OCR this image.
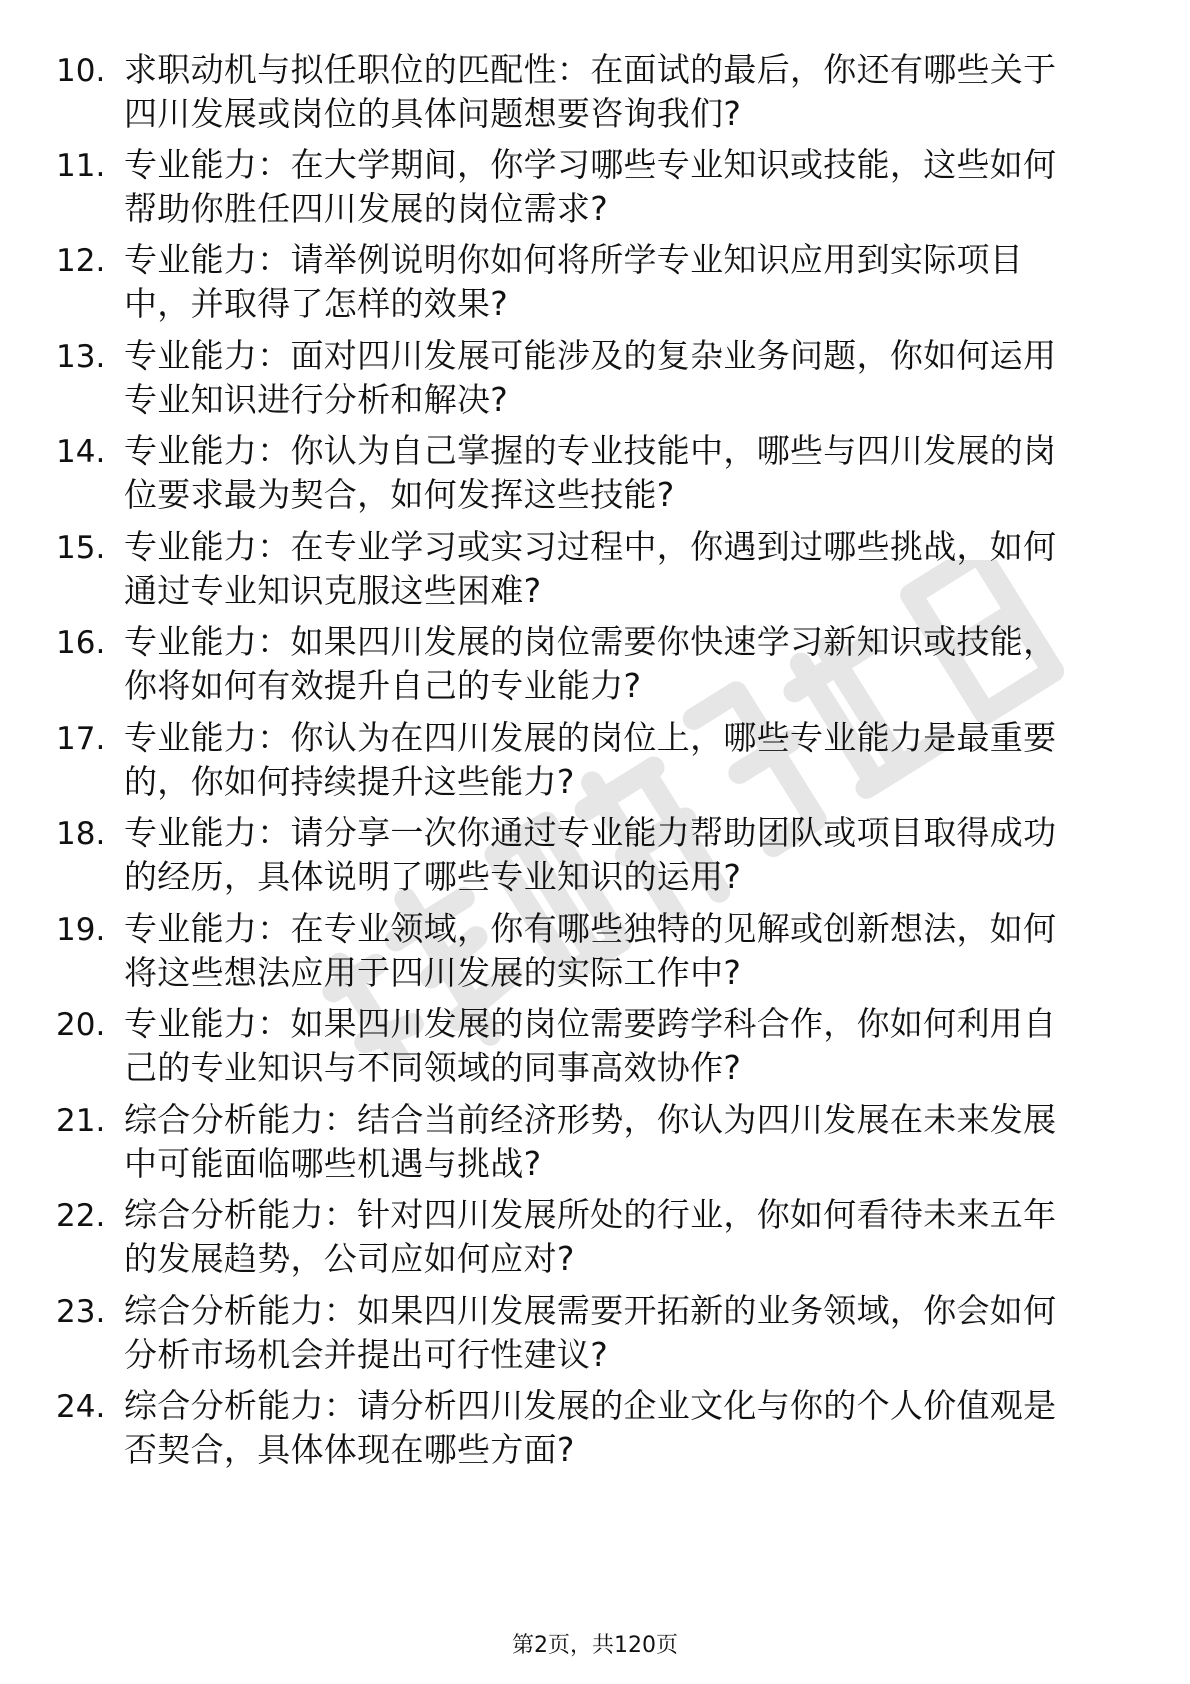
10. 求职动机与拟任职位的匹配性：在面试的最后，你还有哪些关于
四川发展或岗位的具体问题想要咨询我们?
11. 专业能力：在大学期间，你学习哪些专业知识或技能，这些如何
帮助你胜任四川发展的岗位需求?
12. 专业能力：请举例说明你如何将所学专业知识应用到实际项目
中，并取得了怎样的效果?
13. 专业能力：面对四川发展可能涉及的复杂业务问题，你如何运用
专业知识进行分析和解决?
14. 专业能力：你认为自己掌握的专业技能中，哪些与四川发展的岗
位要求最为契合，如何发挥这些技能?
15. 专业能力：在专业学习或实习过程中，你遇到过哪些挑战，如何
通过专业知识克服这些困难?
16. 专业能力：如果四川发展的岗位需要你快速学习新知识或技能，
你将如何有效提升自己的专业能力?
17. 专业能力：你认为在四川发展的岗位上，哪些专业能力是最重要
的，你如何持续提升这些能力?
18. 专业能力：请分享一次你通过专业能力帮助团队或项目取得成功
的经历，具体说明了哪些专业知识的运用?
19. 专业能力：在专业领域，你有哪些独特的见解或创新想法，如何
将这些想法应用于四川发展的实际工作中?
20. 专业能力：如果四川发展的岗位需要跨学科合作，你如何利用自
己的专业知识与不同领域的同事高效协作?
21. 综合分析能力：结合当前经济形势，你认为四川发展在未来发展
中可能面临哪些机遇与挑战?
22. 综合分析能力：针对四川发展所处的行业，你如何看待未来五年
的发展趋势，公司应如何应对?
23. 综合分析能力：如果四川发展需要开拓新的业务领域，你会如何
分析市场机会并提出可行性建议?
24. 综合分析能力：请分析四川发展的企业文化与你的个人价值观是
否契合，具体体现在哪些方面?
第2页，共120页
